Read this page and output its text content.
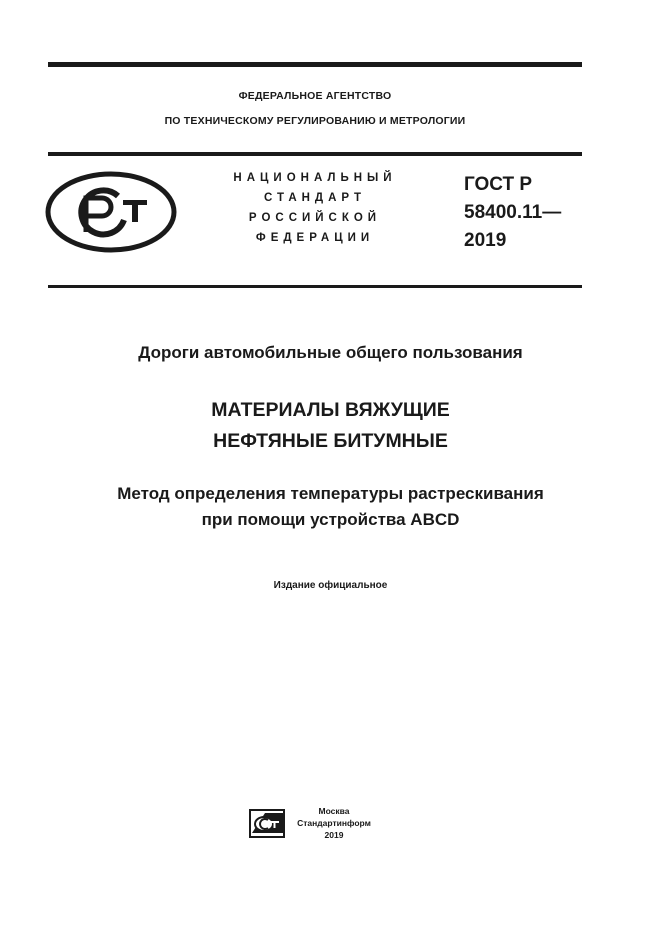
ФЕДЕРАЛЬНОЕ АГЕНТСТВО
ПО ТЕХНИЧЕСКОМУ РЕГУЛИРОВАНИЮ И МЕТРОЛОГИИ
НАЦИОНАЛЬНЫЙ
СТАНДАРТ
РОССИЙСКОЙ
ФЕДЕРАЦИИ
ГОСТ Р
58400.11—
2019
Дороги автомобильные общего пользования
МАТЕРИАЛЫ ВЯЖУЩИЕ
НЕФТЯНЫЕ БИТУМНЫЕ
Метод определения температуры растрескивания
при помощи устройства ABCD
Издание официальное
Москва
Стандартинформ
2019
